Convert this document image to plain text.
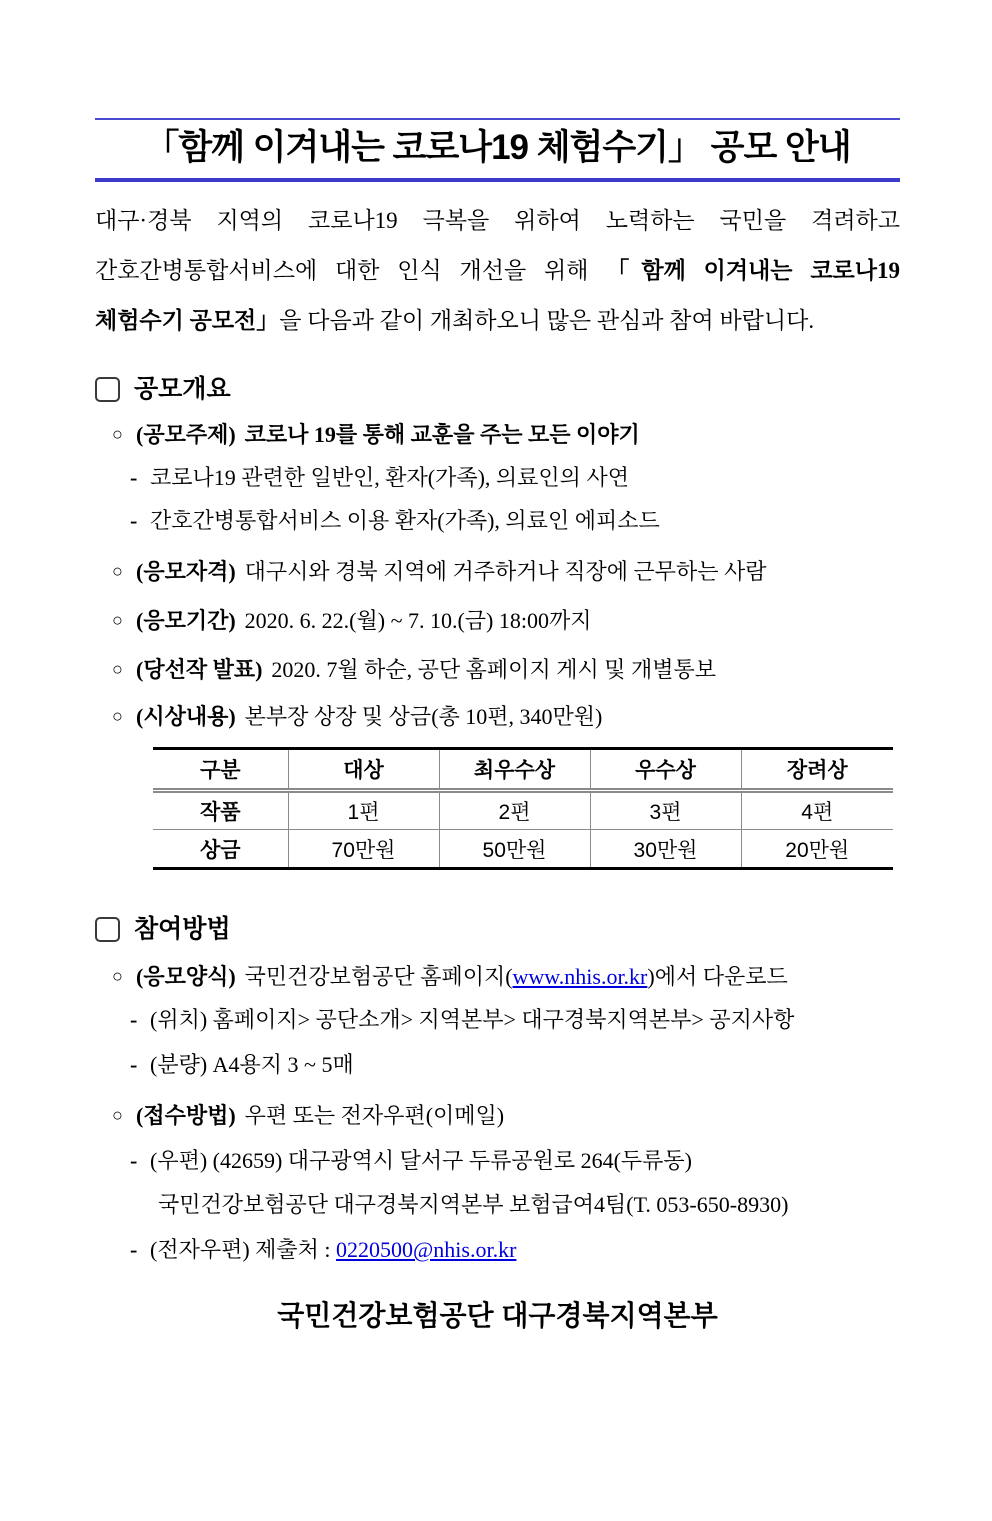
「함께 이겨내는 코로나19 체험수기」 공모 안내
대구·경북 지역의 코로나19 극복을 위하여 노력하는 국민을 격려하고
간호간병통합서비스에 대한 인식 개선을 위해 「함께 이겨내는 코로나19
체험수기 공모전」을 다음과 같이 개최하오니 많은 관심과 참여 바랍니다.
공모개요
○ (공모주제) 코로나 19를 통해 교훈을 주는 모든 이야기
- 코로나19 관련한 일반인, 환자(가족), 의료인의 사연
- 간호간병통합서비스 이용 환자(가족), 의료인 에피소드
○ (응모자격) 대구시와 경북 지역에 거주하거나 직장에 근무하는 사람
○ (응모기간) 2020. 6. 22.(월) ~ 7. 10.(금) 18:00까지
○ (당선작 발표) 2020. 7월 하순, 공단 홈페이지 게시 및 개별통보
○ (시상내용) 본부장 상장 및 상금(총 10편, 340만원)
구분	대상	최우수상	우수상	장려상
작품	1편	2편	3편	4편
상금	70만원	50만원	30만원	20만원
참여방법
○ (응모양식) 국민건강보험공단 홈페이지(www.nhis.or.kr)에서 다운로드
- (위치) 홈페이지> 공단소개> 지역본부> 대구경북지역본부> 공지사항
- (분량) A4용지 3 ~ 5매
○ (접수방법) 우편 또는 전자우편(이메일)
- (우편) (42659) 대구광역시 달서구 두류공원로 264(두류동)
국민건강보험공단 대구경북지역본부 보험급여4팀(T. 053-650-8930)
- (전자우편) 제출처 : 0220500@nhis.or.kr
국민건강보험공단 대구경북지역본부
